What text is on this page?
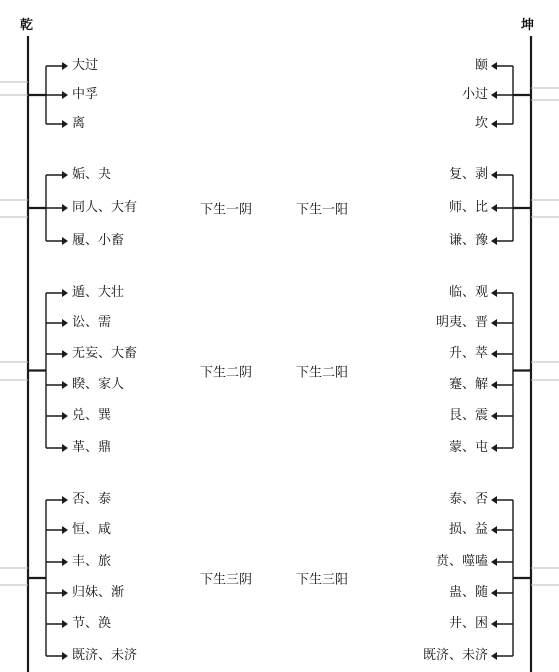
乾	坤
大过	颐
中孚	小过
离	坎
姤、夬	复、剥
同人、大有	师、比
履、小畜	谦、豫
下生一阴	下生一阳
遁、大壮	临、观
讼、需	明夷、晋
无妄、大畜	升、萃
睽、家人	蹇、解
兑、巽	艮、震
革、鼎	蒙、屯
下生二阴	下生二阳
否、泰	泰、否
恒、咸	损、益
丰、旅	贲、噬嗑
归妹、渐	蛊、随
节、涣	井、困
既济、未济	既济、未济
下生三阴	下生三阳
